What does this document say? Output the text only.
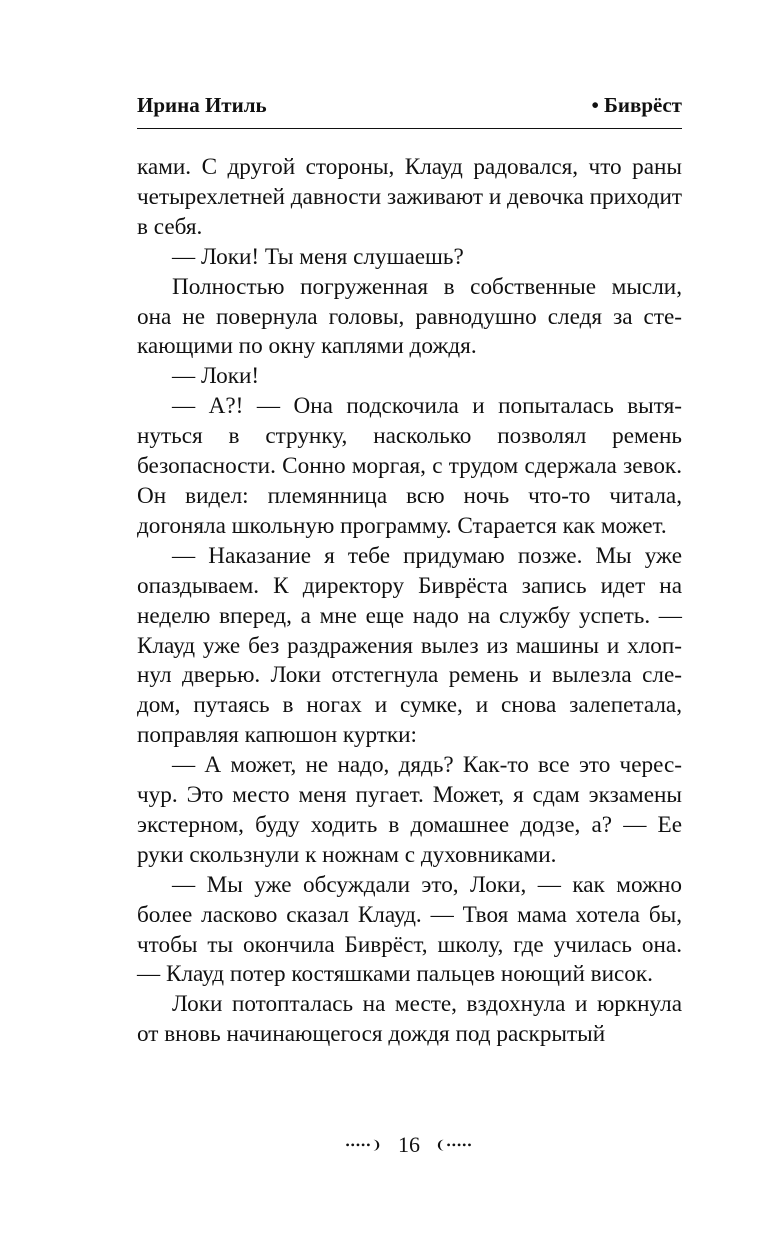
Ирина Итиль	• Биврёст

ками. С другой стороны, Клауд радовался, что раны четырехлетней давности заживают и девочка приходит в себя.

— Локи! Ты меня слушаешь?

Полностью погруженная в собственные мысли, она не повернула головы, равнодушно следя за стекающими по окну каплями дождя.

— Локи!

— А?! — Она подскочила и попыталась вытянуться в струнку, насколько позволял ремень безопасности. Сонно моргая, с трудом сдержала зевок. Он видел: племянница всю ночь что-то читала, догоняла школьную программу. Старается как может.

— Наказание я тебе придумаю позже. Мы уже опаздываем. К директору Биврёста запись идет на неделю вперед, а мне еще надо на службу успеть. — Клауд уже без раздражения вылез из машины и хлопнул дверью. Локи отстегнула ремень и вылезла следом, путаясь в ногах и сумке, и снова залепетала, поправляя капюшон куртки:

— А может, не надо, дядь? Как-то все это чересчур. Это место меня пугает. Может, я сдам экзамены экстерном, буду ходить в домашнее додзе, а? — Ее руки скользнули к ножнам с духовниками.

— Мы уже обсуждали это, Локи, — как можно более ласково сказал Клауд. — Твоя мама хотела бы, чтобы ты окончила Биврёст, школу, где училась она. — Клауд потер костяшками пальцев ноющий висок.

Локи потопталась на месте, вздохнула и юркнула от вновь начинающегося дождя под раскрытый

•••••❩ 16 ❨•••••
